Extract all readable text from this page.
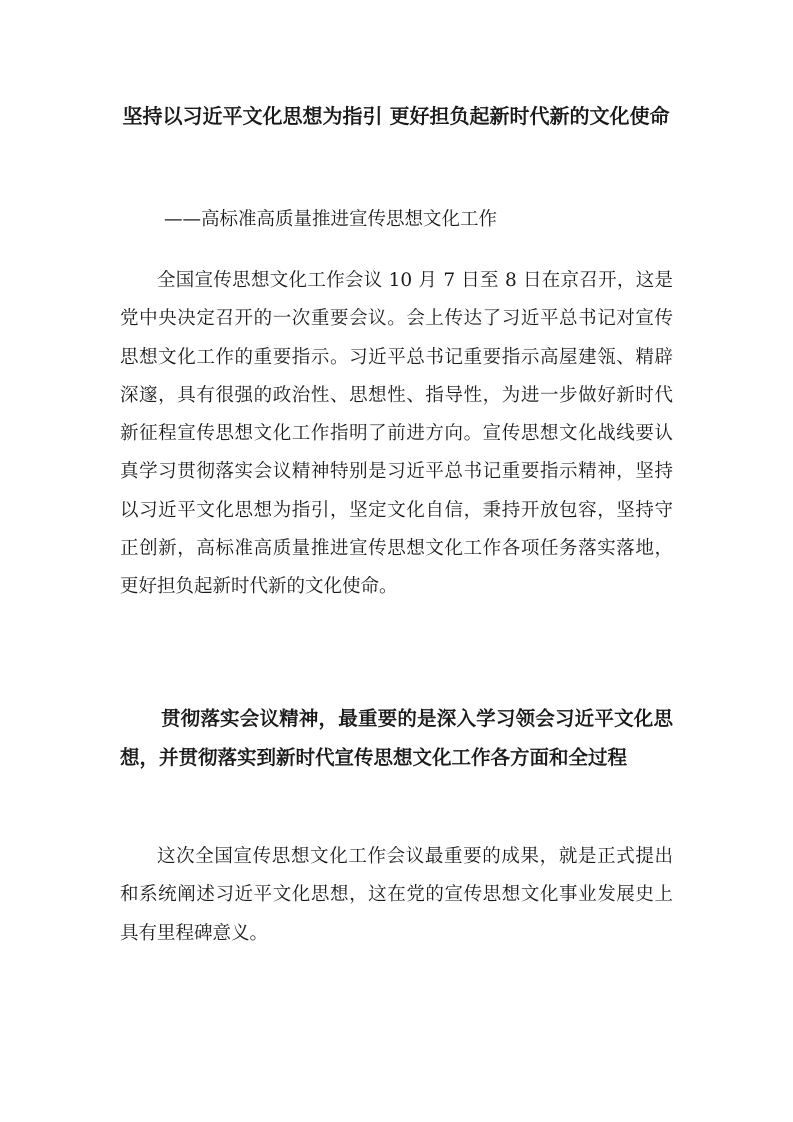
坚持以习近平文化思想为指引 更好担负起新时代新的文化使命

——高标准高质量推进宣传思想文化工作

全国宣传思想文化工作会议 10 月 7 日至 8 日在京召开，这是党中央决定召开的一次重要会议。会上传达了习近平总书记对宣传思想文化工作的重要指示。习近平总书记重要指示高屋建瓴、精辟深邃，具有很强的政治性、思想性、指导性，为进一步做好新时代新征程宣传思想文化工作指明了前进方向。宣传思想文化战线要认真学习贯彻落实会议精神特别是习近平总书记重要指示精神，坚持以习近平文化思想为指引，坚定文化自信，秉持开放包容，坚持守正创新，高标准高质量推进宣传思想文化工作各项任务落实落地，更好担负起新时代新的文化使命。

贯彻落实会议精神，最重要的是深入学习领会习近平文化思想，并贯彻落实到新时代宣传思想文化工作各方面和全过程

这次全国宣传思想文化工作会议最重要的成果，就是正式提出和系统阐述习近平文化思想，这在党的宣传思想文化事业发展史上具有里程碑意义。
